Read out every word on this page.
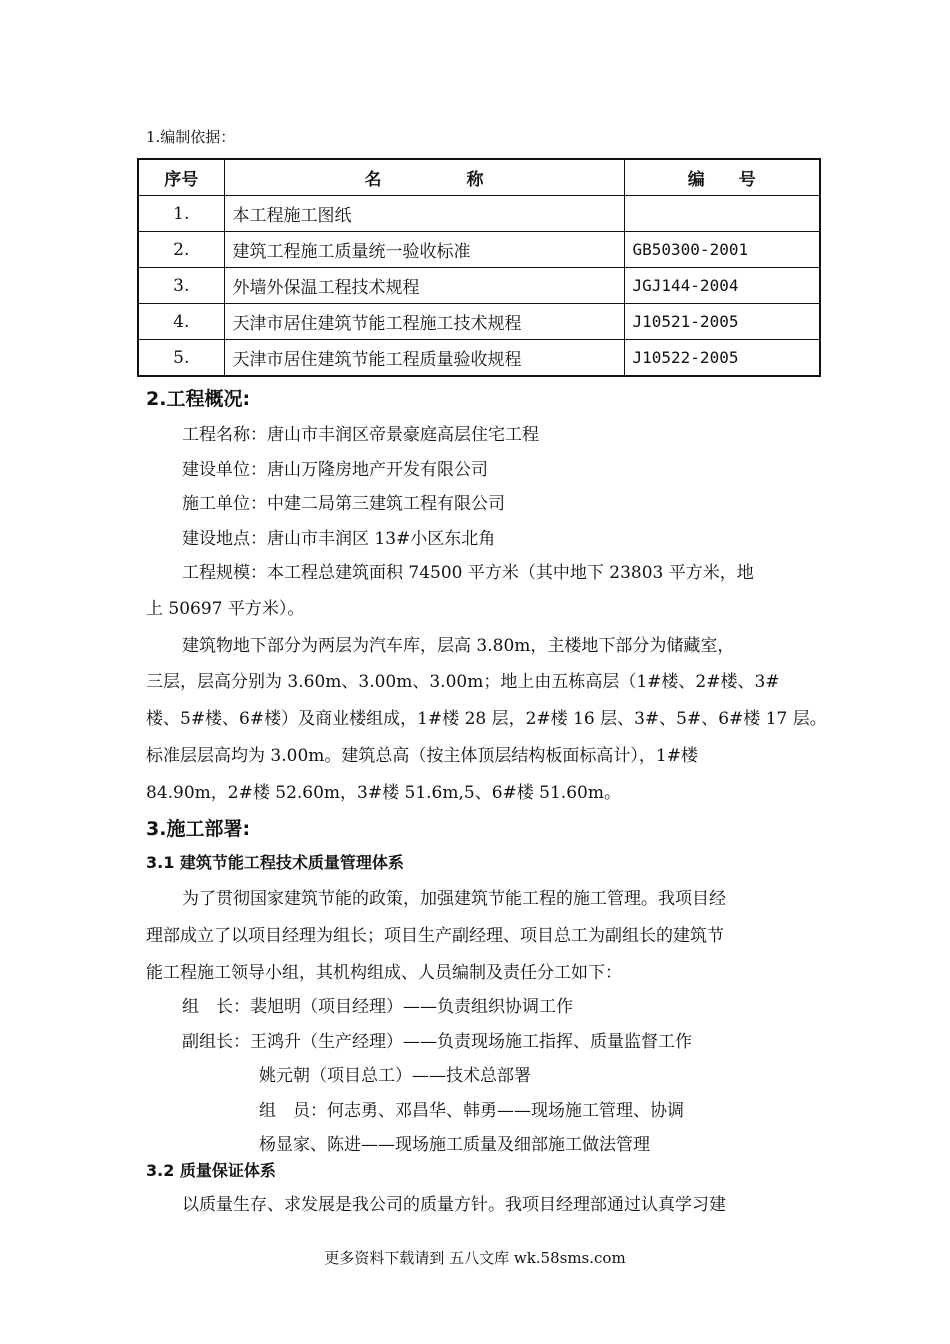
1.编制依据：
序号	名　　　　　称	编　　号
1.	本工程施工图纸	
2.	建筑工程施工质量统一验收标准	GB50300-2001
3.	外墙外保温工程技术规程	JGJ144-2004
4.	天津市居住建筑节能工程施工技术规程	J10521-2005
5.	天津市居住建筑节能工程质量验收规程	J10522-2005
2.工程概况:
工程名称：唐山市丰润区帝景豪庭高层住宅工程
建设单位：唐山万隆房地产开发有限公司
施工单位：中建二局第三建筑工程有限公司
建设地点：唐山市丰润区 13#小区东北角
工程规模：本工程总建筑面积 74500 平方米（其中地下 23803 平方米，地
上 50697 平方米）。
建筑物地下部分为两层为汽车库，层高 3.80m，主楼地下部分为储藏室，
三层，层高分别为 3.60m、3.00m、3.00m；地上由五栋高层（1#楼、2#楼、3#
楼、5#楼、6#楼）及商业楼组成，1#楼 28 层，2#楼 16 层、3#、5#、6#楼 17 层。
标准层层高均为 3.00m。建筑总高（按主体顶层结构板面标高计），1#楼
84.90m，2#楼 52.60m，3#楼 51.6m,5、6#楼 51.60m。
3.施工部署:
3.1 建筑节能工程技术质量管理体系
为了贯彻国家建筑节能的政策，加强建筑节能工程的施工管理。我项目经
理部成立了以项目经理为组长；项目生产副经理、项目总工为副组长的建筑节
能工程施工领导小组，其机构组成、人员编制及责任分工如下：
组　长：裴旭明（项目经理）——负责组织协调工作
副组长：王鸿升（生产经理）——负责现场施工指挥、质量监督工作
姚元朝（项目总工）——技术总部署
组　员：何志勇、邓昌华、韩勇——现场施工管理、协调
杨显家、陈进——现场施工质量及细部施工做法管理
3.2 质量保证体系
以质量生存、求发展是我公司的质量方针。我项目经理部通过认真学习建
更多资料下载请到 五八文库 wk.58sms.com
